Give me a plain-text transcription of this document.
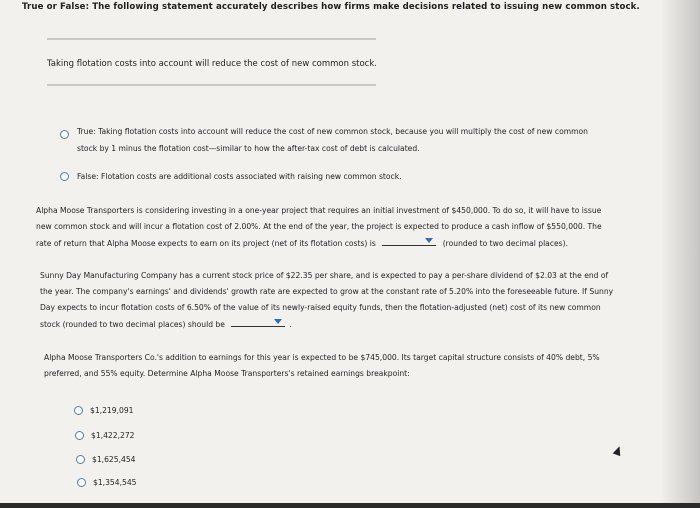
True or False: The following statement accurately describes how firms make decisions related to issuing new common stock.
Taking flotation costs into account will reduce the cost of new common stock.
True: Taking flotation costs into account will reduce the cost of new common stock, because you will multiply the cost of new common
stock by 1 minus the flotation cost—similar to how the after-tax cost of debt is calculated.
False: Flotation costs are additional costs associated with raising new common stock.
Alpha Moose Transporters is considering investing in a one-year project that requires an initial investment of $450,000. To do so, it will have to issue
new common stock and will incur a flotation cost of 2.00%. At the end of the year, the project is expected to produce a cash inflow of $550,000. The
rate of return that Alpha Moose expects to earn on its project (net of its flotation costs) is	(rounded to two decimal places).
Sunny Day Manufacturing Company has a current stock price of $22.35 per share, and is expected to pay a per-share dividend of $2.03 at the end of
the year. The company's earnings' and dividends' growth rate are expected to grow at the constant rate of 5.20% into the foreseeable future. If Sunny
Day expects to incur flotation costs of 6.50% of the value of its newly-raised equity funds, then the flotation-adjusted (net) cost of its new common
stock (rounded to two decimal places) should be	.
Alpha Moose Transporters Co.'s addition to earnings for this year is expected to be $745,000. Its target capital structure consists of 40% debt, 5%
preferred, and 55% equity. Determine Alpha Moose Transporters's retained earnings breakpoint:
$1,219,091
$1,422,272
$1,625,454
$1,354,545
